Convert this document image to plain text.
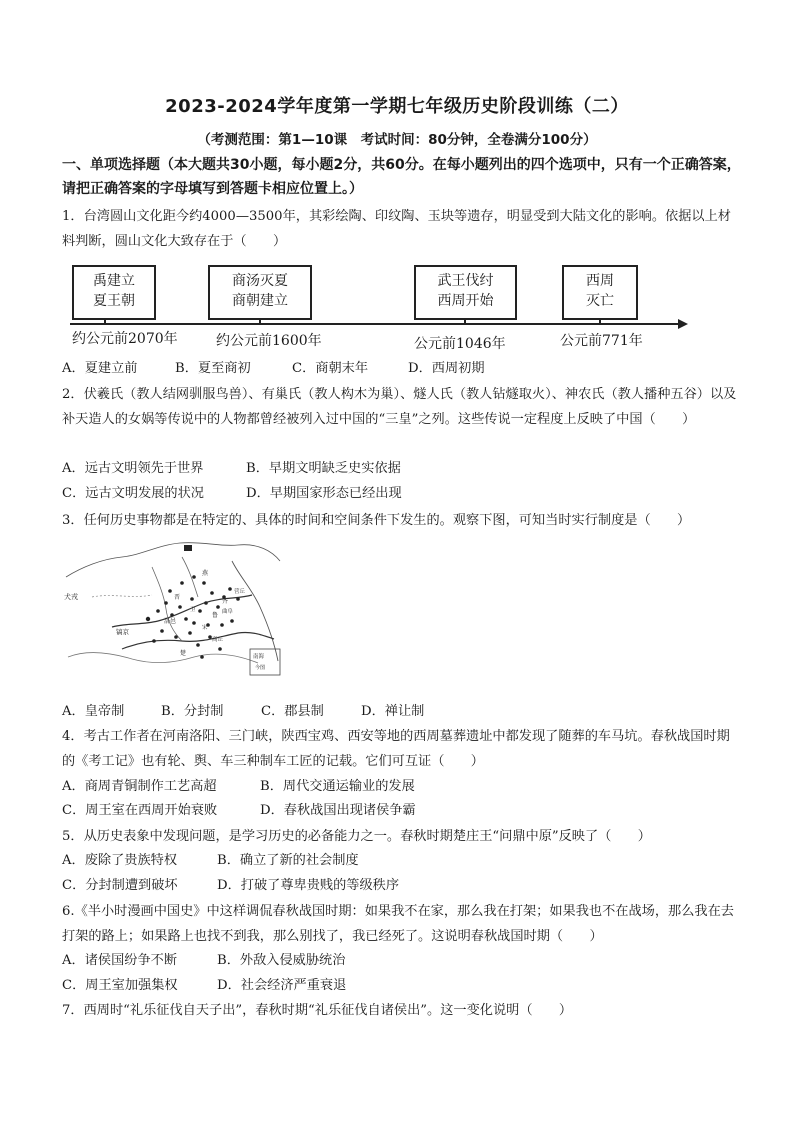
2023-2024学年度第一学期七年级历史阶段训练（二）
（考测范围：第1—10课　考试时间：80分钟，全卷满分100分）
一、单项选择题（本大题共30小题，每小题2分，共60分。在每小题列出的四个选项中，只有一个正确答案，请把正确答案的字母填写到答题卡相应位置上。）
1．台湾圆山文化距今约4000—3500年，其彩绘陶、印纹陶、玉块等遗存，明显受到大陆文化的影响。依据以上材料判断，圆山文化大致存在于（　　）
禹建立
夏王朝
商汤灭夏
商朝建立
武王伐纣
西周开始
西周
灭亡
约公元前2070年	约公元前1600年	公元前1046年	公元前771年
A．夏建立前	B．夏至商初	C．商朝末年	D．西周初期
2．伏羲氏（教人结网驯服鸟兽）、有巢氏（教人构木为巢）、燧人氏（教人钻燧取火）、神农氏（教人播种五谷）以及补天造人的女娲等传说中的人物都曾经被列入过中国的“三皇”之列。这些传说一定程度上反映了中国（　　）
A．远古文明领先于世界	B．早期文明缺乏史实依据
C．远古文明发展的状况	D．早期国家形态已经出现
3．任何历史事物都是在特定的、具体的时间和空间条件下发生的。观察下图，可知当时实行制度是（　　）
犬戎
镐京
洛邑
齐
鲁
晋
燕
楚
卫
宋
营丘
曲阜
商丘
南海
今图
A．皇帝制	B．分封制	C．郡县制	D．禅让制
4．考古工作者在河南洛阳、三门峡，陕西宝鸡、西安等地的西周墓葬遗址中都发现了随葬的车马坑。春秋战国时期的《考工记》也有轮、舆、车三种制车工匠的记载。它们可互证（　　）
A．商周青铜制作工艺高超	B．周代交通运输业的发展
C．周王室在西周开始衰败	D．春秋战国出现诸侯争霸
5．从历史表象中发现问题，是学习历史的必备能力之一。春秋时期楚庄王“问鼎中原”反映了（　　）
A．废除了贵族特权	B．确立了新的社会制度
C．分封制遭到破坏	D．打破了尊卑贵贱的等级秩序
6.《半小时漫画中国史》中这样调侃春秋战国时期：如果我不在家，那么我在打架；如果我也不在战场，那么我在去打架的路上；如果路上也找不到我，那么别找了，我已经死了。这说明春秋战国时期（　　）
A．诸侯国纷争不断	B．外敌入侵威胁统治
C．周王室加强集权	D．社会经济严重衰退
7．西周时“礼乐征伐自天子出”，春秋时期“礼乐征伐自诸侯出”。这一变化说明（　　）
